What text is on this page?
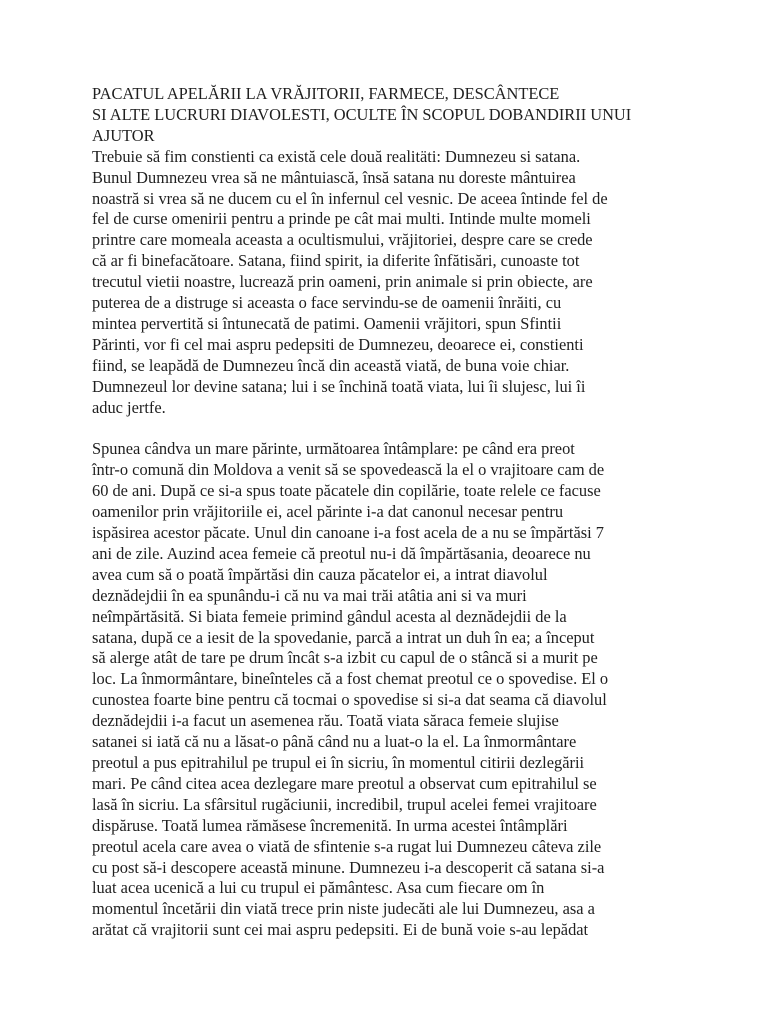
PACATUL APELĂRII LA VRĂJITORII, FARMECE, DESCÂNTECE
SI ALTE LUCRURI DIAVOLESTI, OCULTE ÎN SCOPUL DOBANDIRII UNUI
AJUTOR

Trebuie să fim constienti ca există cele două realitäti: Dumnezeu si satana.
Bunul Dumnezeu vrea să ne mântuiască, însă satana nu doreste mântuirea
noastră si vrea să ne ducem cu el în infernul cel vesnic. De aceea întinde fel de
fel de curse omenirii pentru a prinde pe cât mai multi. Intinde multe momeli
printre care momeala aceasta a ocultismului, vrăjitoriei, despre care se crede
că ar fi binefacătoare. Satana, fiind spirit, ia diferite înfătisări, cunoaste tot
trecutul vietii noastre, lucrează prin oameni, prin animale si prin obiecte, are
puterea de a distruge si aceasta o face servindu-se de oamenii înrăiti, cu
mintea pervertită si întunecată de patimi. Oamenii vrăjitori, spun Sfintii
Părinti, vor fi cel mai aspru pedepsiti de Dumnezeu, deoarece ei, constienti
fiind, se leapădă de Dumnezeu încă din această viată, de buna voie chiar.
Dumnezeul lor devine satana; lui i se închină toată viata, lui îi slujesc, lui îi
aduc jertfe.

Spunea cândva un mare părinte, următoarea întâmplare: pe când era preot
într-o comună din Moldova a venit să se spovedească la el o vrajitoare cam de
60 de ani. După ce si-a spus toate păcatele din copilărie, toate relele ce facuse
oamenilor prin vrăjitoriile ei, acel părinte i-a dat canonul necesar pentru
ispăsirea acestor păcate. Unul din canoane i-a fost acela de a nu se împărtăsi 7
ani de zile. Auzind acea femeie că preotul nu-i dă împărtăsania, deoarece nu
avea cum să o poată împărtăsi din cauza păcatelor ei, a intrat diavolul
deznădejdii în ea spunându-i că nu va mai trăi atâtia ani si va muri
neîmpărtăsită. Si biata femeie primind gândul acesta al deznădejdii de la
satana, după ce a iesit de la spovedanie, parcă a intrat un duh în ea; a început
să alerge atât de tare pe drum încât s-a izbit cu capul de o stâncă si a murit pe
loc. La înmormântare, bineînteles că a fost chemat preotul ce o spovedise. El o
cunostea foarte bine pentru că tocmai o spovedise si si-a dat seama că diavolul
deznădejdii i-a facut un asemenea rău. Toată viata săraca femeie slujise
satanei si iată că nu a lăsat-o până când nu a luat-o la el. La înmormântare
preotul a pus epitrahilul pe trupul ei în sicriu, în momentul citirii dezlegării
mari. Pe când citea acea dezlegare mare preotul a observat cum epitrahilul se
lasă în sicriu. La sfârsitul rugăciunii, incredibil, trupul acelei femei vrajitoare
dispăruse. Toată lumea rămăsese încremenită. In urma acestei întâmplări
preotul acela care avea o viată de sfintenie s-a rugat lui Dumnezeu câteva zile
cu post să-i descopere această minune. Dumnezeu i-a descoperit că satana si-a
luat acea ucenică a lui cu trupul ei pământesc. Asa cum fiecare om în
momentul încetării din viată trece prin niste judecăti ale lui Dumnezeu, asa a
arătat că vrajitorii sunt cei mai aspru pedepsiti. Ei de bună voie s-au lepădat
